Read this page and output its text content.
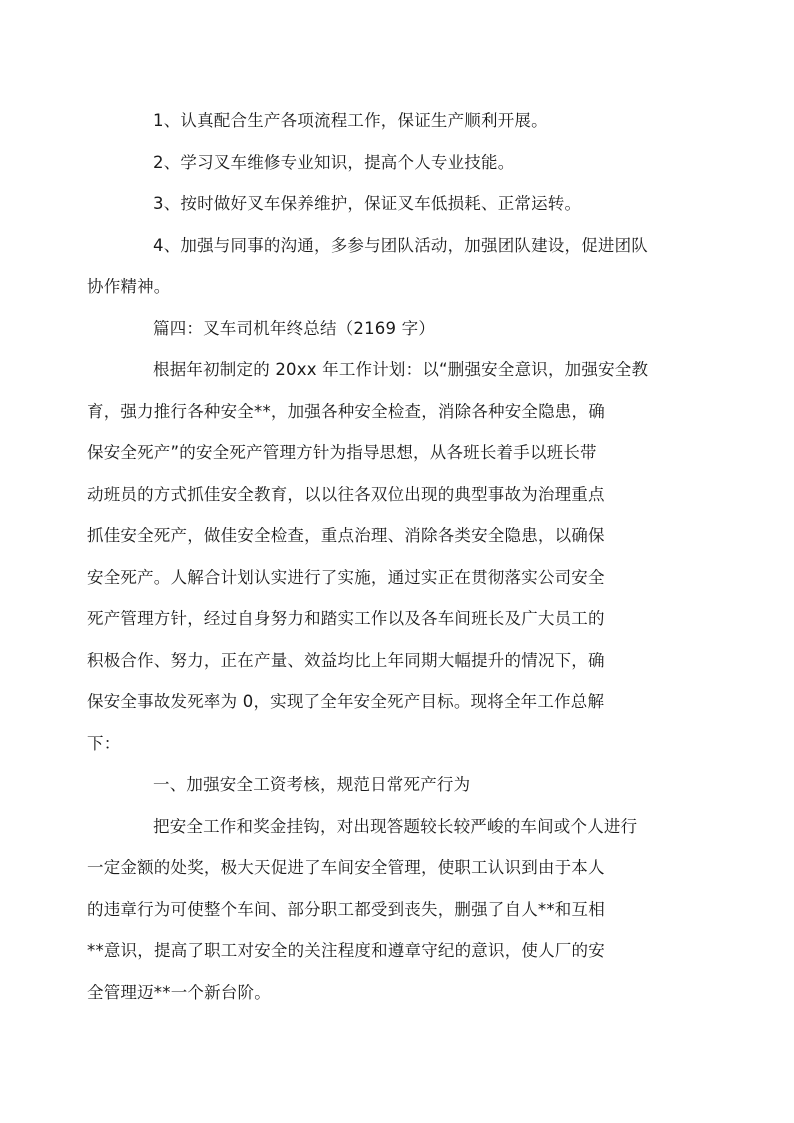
1、认真配合生产各项流程工作，保证生产顺利开展。

2、学习叉车维修专业知识，提高个人专业技能。

3、按时做好叉车保养维护，保证叉车低损耗、正常运转。

4、加强与同事的沟通，多参与团队活动，加强团队建设，促进团队
协作精神。

篇四：叉车司机年终总结（2169 字）

根据年初制定的 20xx 年工作计划：以“删强安全意识，加强安全教
育，强力推行各种安全**，加强各种安全检查，消除各种安全隐患，确
保安全死产”的安全死产管理方针为指导思想，从各班长着手以班长带
动班员的方式抓佳安全教育，以以往各双位出现的典型事故为治理重点
抓佳安全死产，做佳安全检查，重点治理、消除各类安全隐患，以确保
安全死产。人解合计划认实进行了实施，通过实正在贯彻落实公司安全
死产管理方针，经过自身努力和踏实工作以及各车间班长及广大员工的
积极合作、努力，正在产量、效益均比上年同期大幅提升的情况下，确
保安全事故发死率为 0，实现了全年安全死产目标。现将全年工作总解
下：

一、加强安全工资考核，规范日常死产行为

把安全工作和奖金挂钩，对出现答题较长较严峻的车间或个人进行
一定金额的处奖，极大天促进了车间安全管理，使职工认识到由于本人
的违章行为可使整个车间、部分职工都受到丧失，删强了自人**和互相
**意识，提高了职工对安全的关注程度和遵章守纪的意识，使人厂的安
全管理迈**一个新台阶。
